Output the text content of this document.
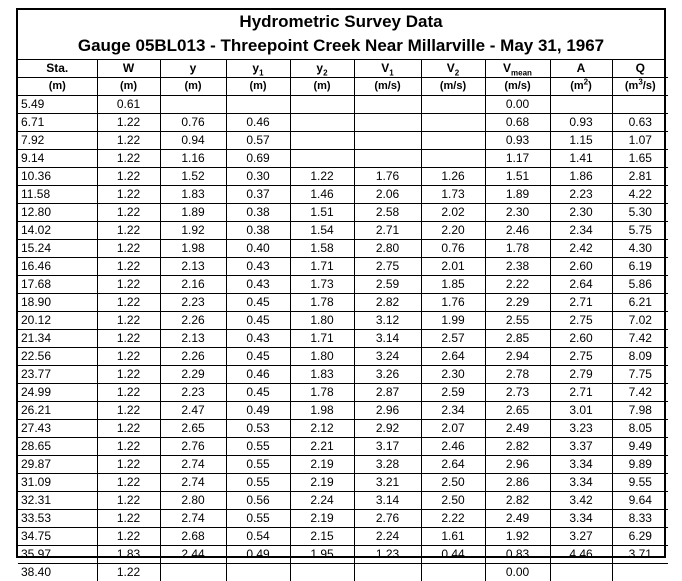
Hydrometric Survey Data
Gauge 05BL013 - Threepoint Creek Near Millarville - May 31, 1967
Sta.	W	y	$y_1$	$y_2$	$V_1$	$V_2$	$V_{mean}$	A	Q
(m)	(m)	(m)	(m)	(m)	(m/s)	(m/s)	(m/s)	$(m^2)$	$(m^3/s)$
5.49	0.61						0.00		
6.71	1.22	0.76	0.46				0.68	0.93	0.63
7.92	1.22	0.94	0.57				0.93	1.15	1.07
9.14	1.22	1.16	0.69				1.17	1.41	1.65
10.36	1.22	1.52	0.30	1.22	1.76	1.26	1.51	1.86	2.81
11.58	1.22	1.83	0.37	1.46	2.06	1.73	1.89	2.23	4.22
12.80	1.22	1.89	0.38	1.51	2.58	2.02	2.30	2.30	5.30
14.02	1.22	1.92	0.38	1.54	2.71	2.20	2.46	2.34	5.75
15.24	1.22	1.98	0.40	1.58	2.80	0.76	1.78	2.42	4.30
16.46	1.22	2.13	0.43	1.71	2.75	2.01	2.38	2.60	6.19
17.68	1.22	2.16	0.43	1.73	2.59	1.85	2.22	2.64	5.86
18.90	1.22	2.23	0.45	1.78	2.82	1.76	2.29	2.71	6.21
20.12	1.22	2.26	0.45	1.80	3.12	1.99	2.55	2.75	7.02
21.34	1.22	2.13	0.43	1.71	3.14	2.57	2.85	2.60	7.42
22.56	1.22	2.26	0.45	1.80	3.24	2.64	2.94	2.75	8.09
23.77	1.22	2.29	0.46	1.83	3.26	2.30	2.78	2.79	7.75
24.99	1.22	2.23	0.45	1.78	2.87	2.59	2.73	2.71	7.42
26.21	1.22	2.47	0.49	1.98	2.96	2.34	2.65	3.01	7.98
27.43	1.22	2.65	0.53	2.12	2.92	2.07	2.49	3.23	8.05
28.65	1.22	2.76	0.55	2.21	3.17	2.46	2.82	3.37	9.49
29.87	1.22	2.74	0.55	2.19	3.28	2.64	2.96	3.34	9.89
31.09	1.22	2.74	0.55	2.19	3.21	2.50	2.86	3.34	9.55
32.31	1.22	2.80	0.56	2.24	3.14	2.50	2.82	3.42	9.64
33.53	1.22	2.74	0.55	2.19	2.76	2.22	2.49	3.34	8.33
34.75	1.22	2.68	0.54	2.15	2.24	1.61	1.92	3.27	6.29
35.97	1.83	2.44	0.49	1.95	1.23	0.44	0.83	4.46	3.71
38.40	1.22						0.00		
